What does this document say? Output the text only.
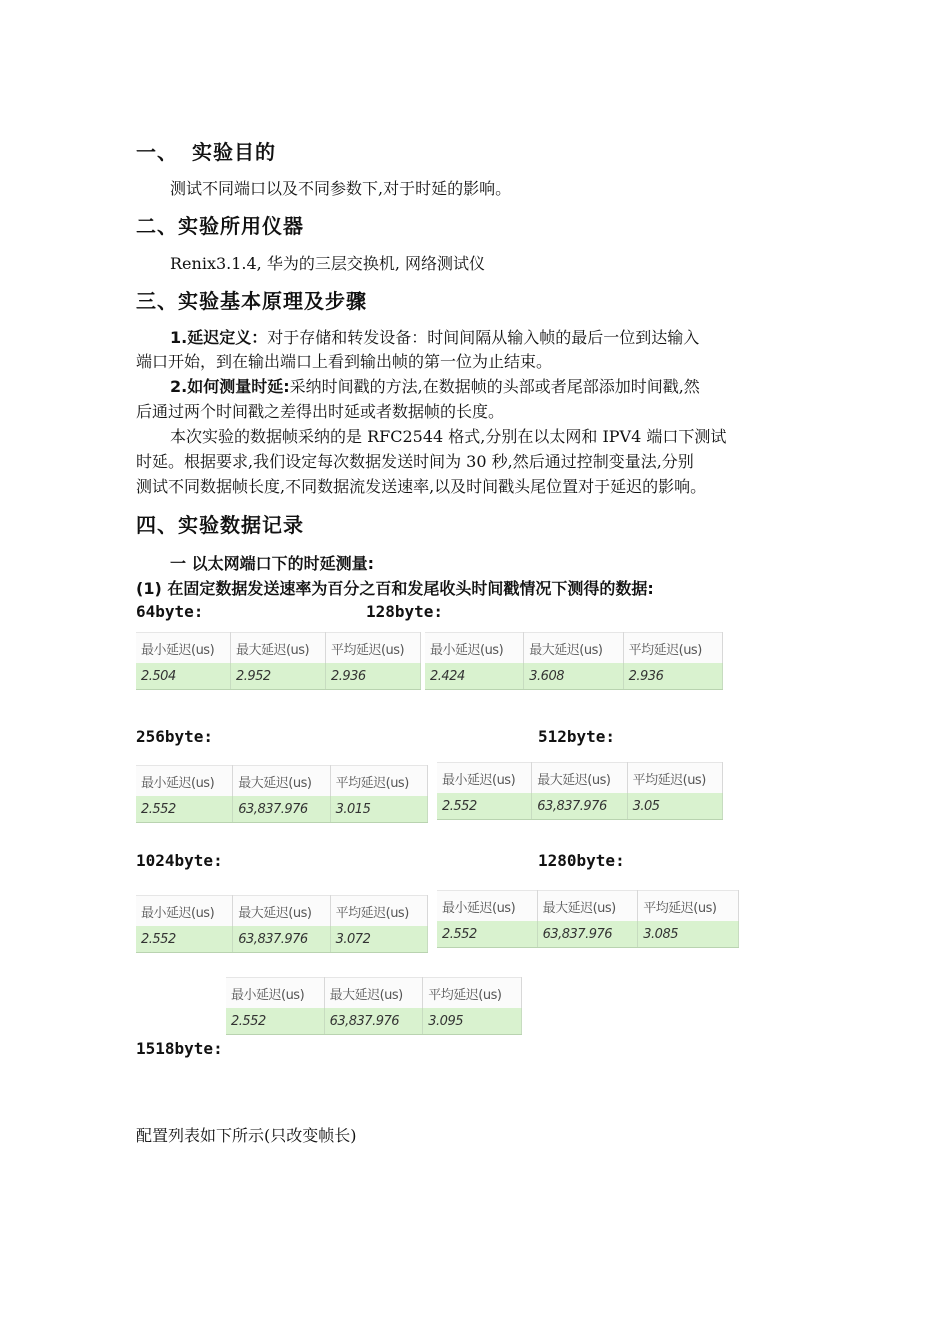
一、 实验目的
测试不同端口以及不同参数下,对于时延的影响。
二、实验所用仪器
Renix3.1.4, 华为的三层交换机, 网络测试仪
三、实验基本原理及步骤
1.延迟定义：对于存储和转发设备：时间间隔从输入帧的最后一位到达输入
端口开始，到在输出端口上看到输出帧的第一位为止结束。
2.如何测量时延:采纳时间戳的方法,在数据帧的头部或者尾部添加时间戳,然
后通过两个时间戳之差得出时延或者数据帧的长度。
本次实验的数据帧采纳的是 RFC2544 格式,分别在以太网和 IPV4 端口下测试
时延。根据要求,我们设定每次数据发送时间为 30 秒,然后通过控制变量法,分别
测试不同数据帧长度,不同数据流发送速率,以及时间戳头尾位置对于延迟的影响。
四、实验数据记录
一 以太网端口下的时延测量:
(1) 在固定数据发送速率为百分之百和发尾收头时间戳情况下测得的数据:
64byte:	128byte:
256byte:	512byte:
1024byte:	1280byte:
1518byte:
最小延迟(us)	最大延迟(us)	平均延迟(us)
2.504	2.952	2.936
最小延迟(us)	最大延迟(us)	平均延迟(us)
2.424	3.608	2.936
最小延迟(us)	最大延迟(us)	平均延迟(us)
2.552	63,837.976	3.015
最小延迟(us)	最大延迟(us)	平均延迟(us)
2.552	63,837.976	3.05
最小延迟(us)	最大延迟(us)	平均延迟(us)
2.552	63,837.976	3.072
最小延迟(us)	最大延迟(us)	平均延迟(us)
2.552	63,837.976	3.085
最小延迟(us)	最大延迟(us)	平均延迟(us)
2.552	63,837.976	3.095
配置列表如下所示(只改变帧长)
